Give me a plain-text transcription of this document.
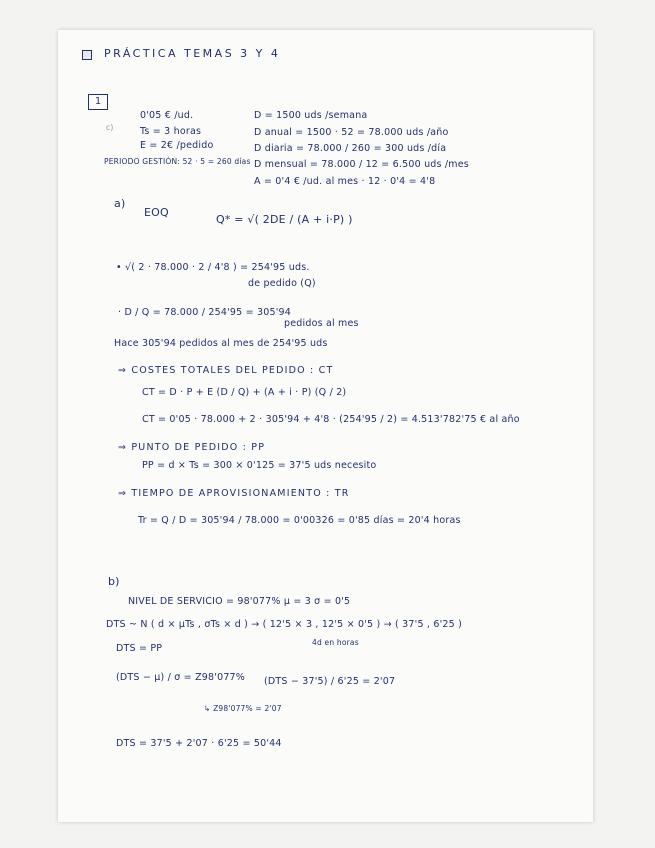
PRÁCTICA TEMAS 3 Y 4
1
0'05 € /ud.
c)	Ts = 3 horas
E = 2€ /pedido
PERIODO GESTIÓN: 52 · 5 = 260 días
D = 1500 uds /semana
D anual = 1500 · 52 = 78.000 uds /año
D diaria = 78.000 / 260 = 300 uds /día
D mensual = 78.000 / 12 = 6.500 uds /mes
A = 0'4 € /ud. al mes · 12 · 0'4 = 4'8
a)
EOQ
Q* = √( 2DE / (A + i·P) )
• √( 2 · 78.000 · 2 / 4'8 ) = 254'95 uds.
de pedido (Q)
· D / Q = 78.000 / 254'95 = 305'94
pedidos al mes
Hace 305'94 pedidos al mes de 254'95 uds
⇒ COSTES TOTALES DEL PEDIDO : CT
CT = D · P + E (D / Q) + (A + i · P) (Q / 2)
CT = 0'05 · 78.000 + 2 · 305'94 + 4'8 · (254'95 / 2) = 4.513'782'75 € al año
⇒ PUNTO DE PEDIDO : PP
PP = d × Ts = 300 × 0'125 = 37'5 uds necesito
⇒ TIEMPO DE APROVISIONAMIENTO : TR
Tr = Q / D = 305'94 / 78.000 = 0'00326 = 0'85 días = 20'4 horas
b)
NIVEL DE SERVICIO = 98'077% μ = 3 σ = 0'5
DTS ~ N ( d × μTs , σTs × d ) → ( 12'5 × 3 , 12'5 × 0'5 ) → ( 37'5 , 6'25 )
4d en horas
DTS = PP
(DTS − μ) / σ = Z98'077% (DTS − 37'5) / 6'25 = 2'07
↳ Z98'077% = 2'07
DTS = 37'5 + 2'07 · 6'25 = 50'44
